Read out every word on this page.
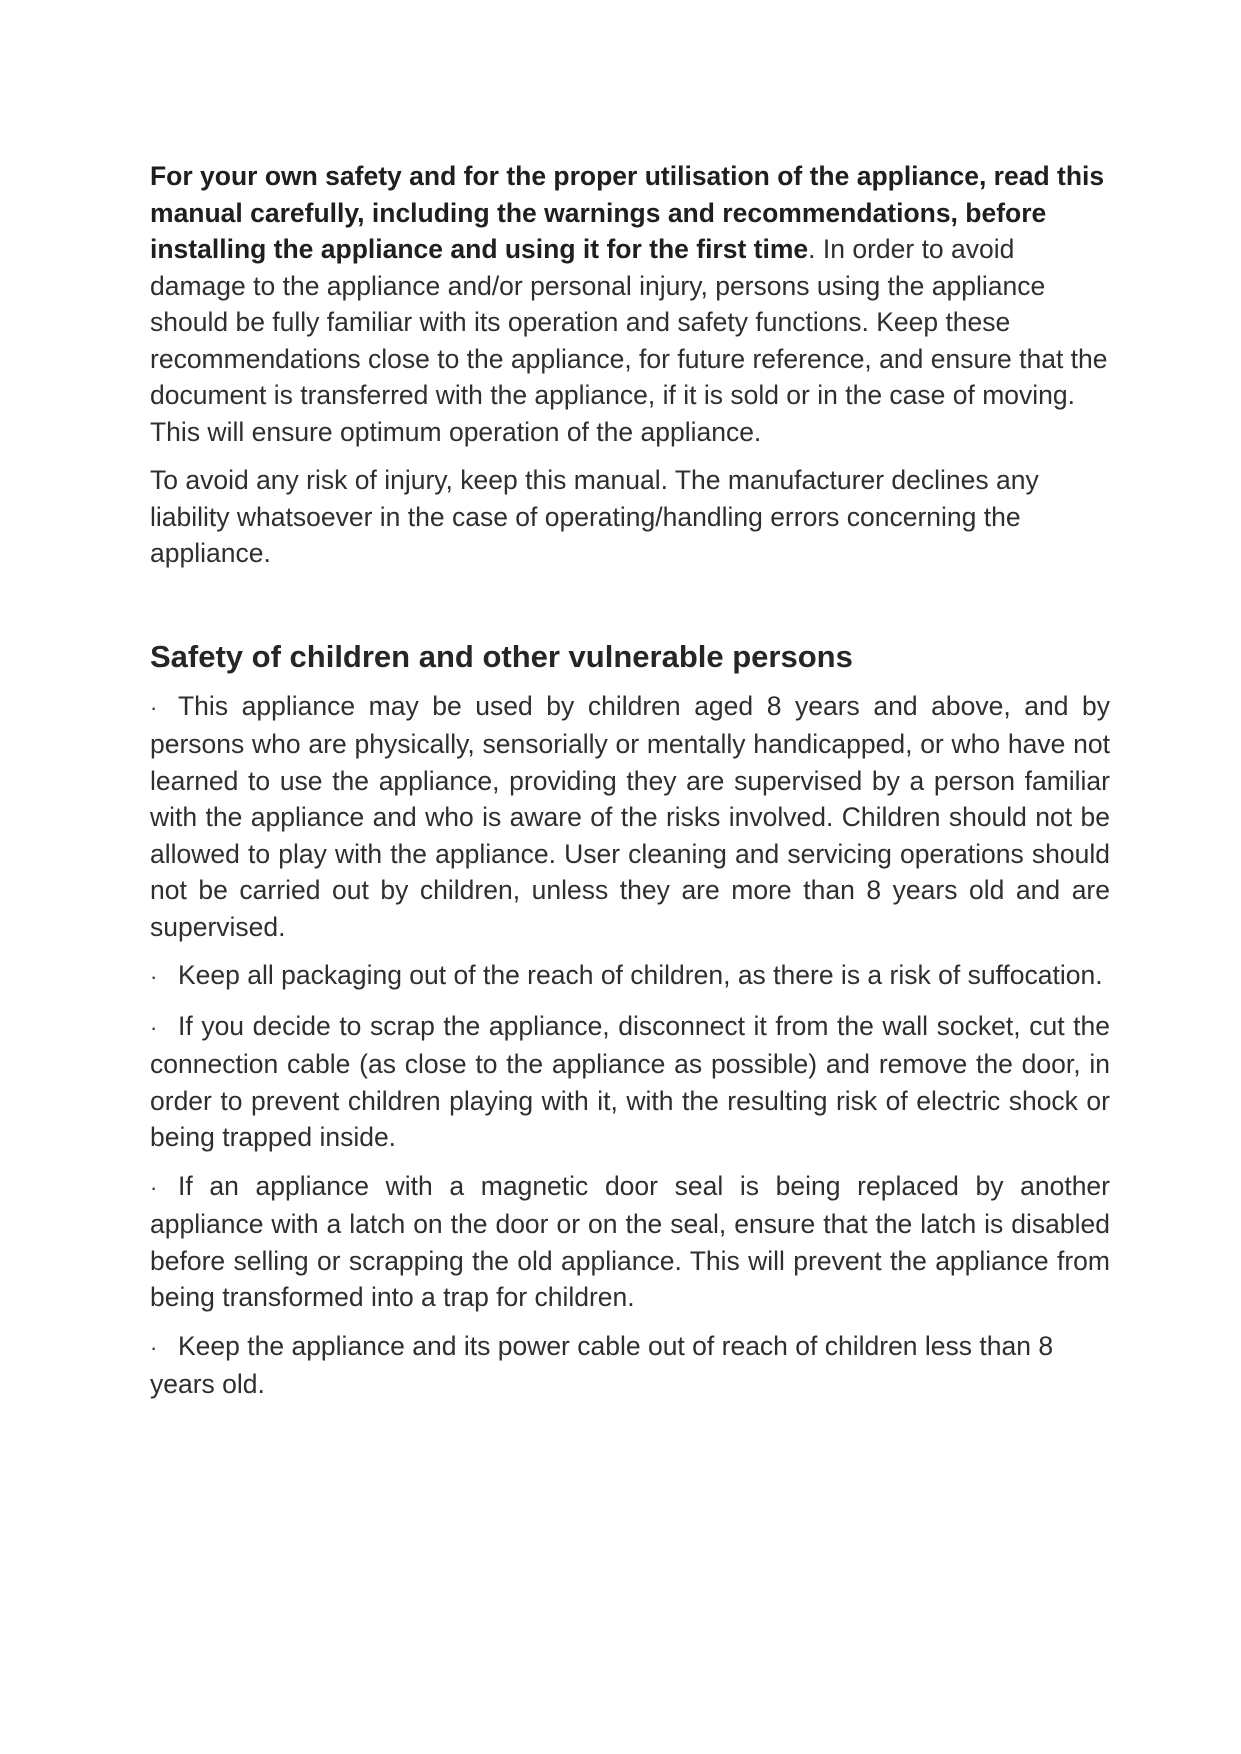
For your own safety and for the proper utilisation of the appliance, read this manual carefully, including the warnings and recommendations, before installing the appliance and using it for the first time. In order to avoid damage to the appliance and/or personal injury, persons using the appliance should be fully familiar with its operation and safety functions. Keep these recommendations close to the appliance, for future reference, and ensure that the document is transferred with the appliance, if it is sold or in the case of moving. This will ensure optimum operation of the appliance.

To avoid any risk of injury, keep this manual. The manufacturer declines any liability whatsoever in the case of operating/handling errors concerning the appliance.

Safety of children and other vulnerable persons

· This appliance may be used by children aged 8 years and above, and by persons who are physically, sensorially or mentally handicapped, or who have not learned to use the appliance, providing they are supervised by a person familiar with the appliance and who is aware of the risks involved. Children should not be allowed to play with the appliance. User cleaning and servicing operations should not be carried out by children, unless they are more than 8 years old and are supervised.

· Keep all packaging out of the reach of children, as there is a risk of suffocation.

· If you decide to scrap the appliance, disconnect it from the wall socket, cut the connection cable (as close to the appliance as possible) and remove the door, in order to prevent children playing with it, with the resulting risk of electric shock or being trapped inside.

· If an appliance with a magnetic door seal is being replaced by another appliance with a latch on the door or on the seal, ensure that the latch is disabled before selling or scrapping the old appliance. This will prevent the appliance from being transformed into a trap for children.

· Keep the appliance and its power cable out of reach of children less than 8 years old.
